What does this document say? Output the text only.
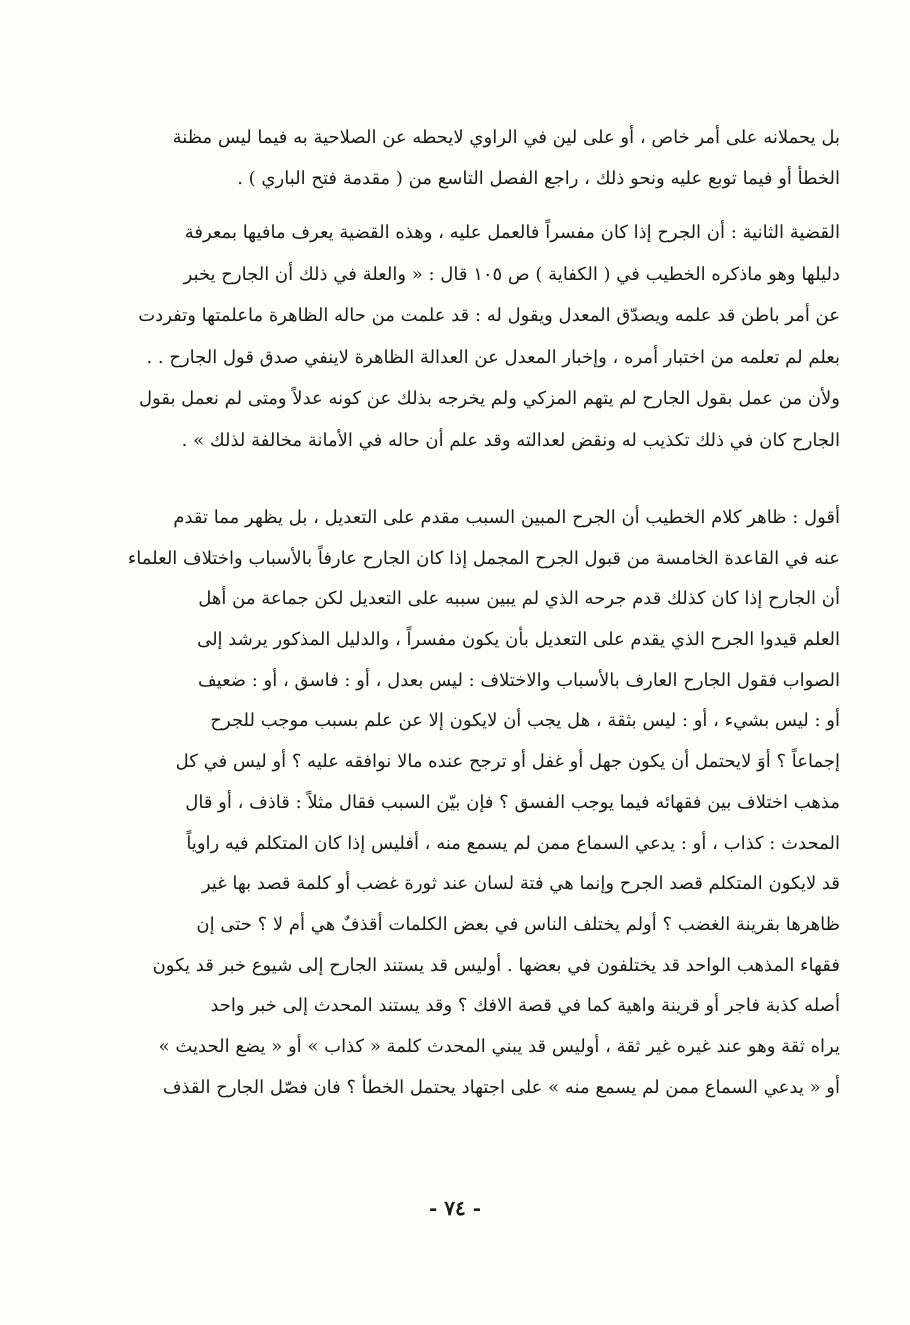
بل يحملانه على أمر خاص ، أو على لين في الراوي لايحطه عن الصلاحية به فيما ليس مظنة
الخطأ أو فيما توبع عليه ونحو ذلك ، راجع الفصل التاسع من ( مقدمة فتح الباري ) .
القضية الثانية : أن الجرح إذا كان مفسراً فالعمل عليه ، وهذه القضية يعرف مافيها بمعرفة
دليلها وهو ماذكره الخطيب في ( الكفاية ) ص ١٠٥ قال : « والعلة في ذلك أن الجارح يخبر
عن أمر باطن قد علمه ويصدّق المعدل ويقول له : قد علمت من حاله الظاهرة ماعلمتها وتفردت
بعلم لم تعلمه من اختبار أمره ، وإخبار المعدل عن العدالة الظاهرة لاينفي صدق قول الجارح . .
ولأن من عمل بقول الجارح لم يتهم المزكي ولم يخرجه بذلك عن كونه عدلاً ومتى لم نعمل بقول
الجارح كان في ذلك تكذيب له ونقض لعدالته وقد علم أن حاله في الأمانة مخالفة لذلك » .
أقول : ظاهر كلام الخطيب أن الجرح المبين السبب مقدم على التعديل ، بل يظهر مما تقدم
عنه في القاعدة الخامسة من قبول الجرح المجمل إذا كان الجارح عارفاً بالأسباب واختلاف العلماء
أن الجارح إذا كان كذلك قدم جرحه الذي لم يبين سببه على التعديل لكن جماعة من أهل
العلم قيدوا الجرح الذي يقدم على التعديل بأن يكون مفسراً ، والدليل المذكور يرشد إلى
الصواب فقول الجارح العارف بالأسباب والاختلاف : ليس بعدل ، أو : فاسق ، أو : ضعيف
أو : ليس بشيء ، أو : ليس بثقة ، هل يجب أن لايكون إلا عن علم بسبب موجب للجرح
إجماعاً ؟ أوَ لايحتمل أن يكون جهل أو غفل أو ترجح عنده مالا نوافقه عليه ؟ أو ليس في كل
مذهب اختلاف بين فقهائه فيما يوجب الفسق ؟ فإن بيّن السبب فقال مثلاً : قاذف ، أو قال
المحدث : كذاب ، أو : يدعي السماع ممن لم يسمع منه ، أفليس إذا كان المتكلم فيه راوياً
قد لايكون المتكلم قصد الجرح وإنما هي فتة لسان عند ثورة غضب أو كلمة قصد بها غير
ظاهرها بقرينة الغضب ؟ أولم يختلف الناس في بعض الكلمات أقذفٌ هي أم لا ؟ حتى إن
فقهاء المذهب الواحد قد يختلفون في بعضها . أوليس قد يستند الجارح إلى شيوع خبر قد يكون
أصله كذبة فاجر أو قرينة واهية كما في قصة الافك ؟ وقد يستند المحدث إلى خبر واحد
يراه ثقة وهو عند غيره غير ثقة ، أوليس قد يبني المحدث كلمة « كذاب » أو « يضع الحديث »
أو « يدعي السماع ممن لم يسمع منه » على اجتهاد يحتمل الخطأ ؟ فان فصّل الجارح القذف
- ٧٤ -
